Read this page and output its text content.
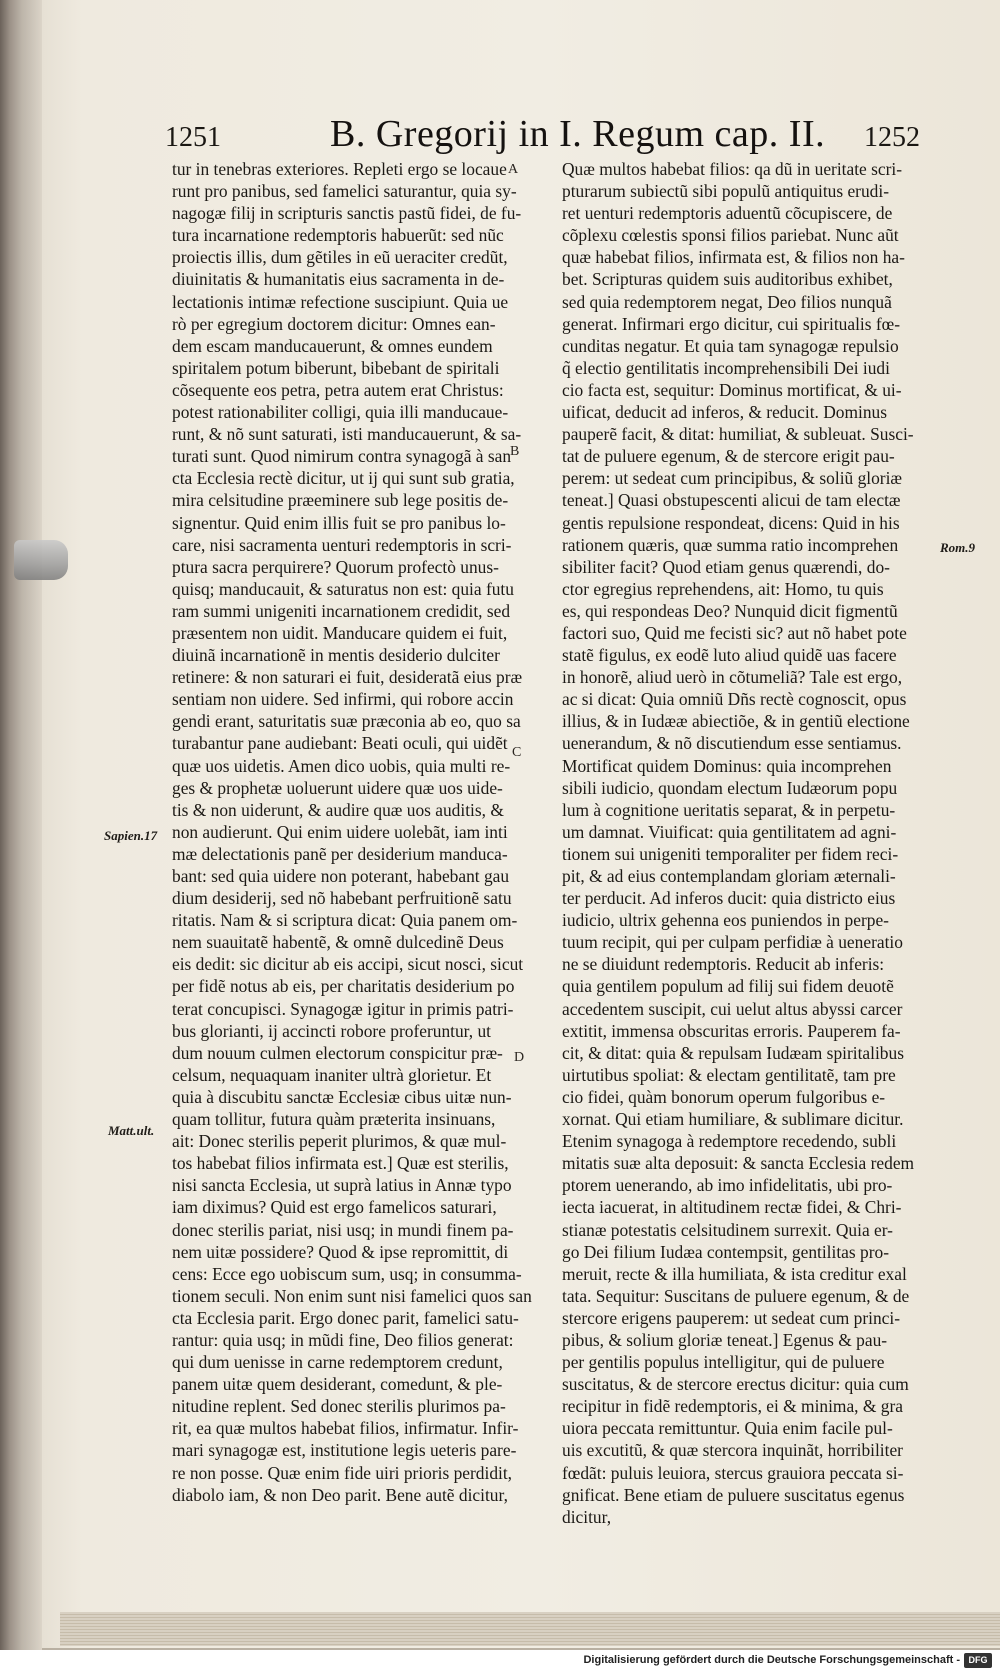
1251	B. Gregorij in I. Regum cap. II. 1252
A
B
C
D
Sapien.17
Matt.ult.
Rom.9
tur in tenebras exteriores. Repleti ergo se locaue
runt pro panibus, sed famelici saturantur, quia sy-
nagogæ filij in scripturis sanctis pastũ fidei, de fu-
tura incarnatione redemptoris habuerũt: sed nũc
proiectis illis, dum gẽtiles in eũ ueraciter credũt,
diuinitatis & humanitatis eius sacramenta in de-
lectationis intimæ refectione suscipiunt. Quia ue
rò per egregium doctorem dicitur: Omnes ean-
dem escam manducauerunt, & omnes eundem
spiritalem potum biberunt, bibebant de spiritali
cõsequente eos petra, petra autem erat Christus:
potest rationabiliter colligi, quia illi manducaue-
runt, & nõ sunt saturati, isti manducauerunt, & sa-
turati sunt. Quod nimirum contra synagogã à san
cta Ecclesia rectè dicitur, ut ij qui sunt sub gratia,
mira celsitudine præeminere sub lege positis de-
signentur. Quid enim illis fuit se pro panibus lo-
care, nisi sacramenta uenturi redemptoris in scri-
ptura sacra perquirere? Quorum profectò unus-
quisq; manducauit, & saturatus non est: quia futu
ram summi unigeniti incarnationem credidit, sed
præsentem non uidit. Manducare quidem ei fuit,
diuinã incarnationẽ in mentis desiderio dulciter
retinere: & non saturari ei fuit, desideratã eius præ
sentiam non uidere. Sed infirmi, qui robore accin
gendi erant, saturitatis suæ præconia ab eo, quo sa
turabantur pane audiebant: Beati oculi, qui uidẽt
quæ uos uidetis. Amen dico uobis, quia multi re-
ges & prophetæ uoluerunt uidere quæ uos uide-
tis & non uiderunt, & audire quæ uos auditis, &
non audierunt. Qui enim uidere uolebãt, iam inti
mæ delectationis panẽ per desiderium manduca-
bant: sed quia uidere non poterant, habebant gau
dium desiderij, sed nõ habebant perfruitionẽ satu
ritatis. Nam & si scriptura dicat: Quia panem om-
nem suauitatẽ habentẽ, & omnẽ dulcedinẽ Deus
eis dedit: sic dicitur ab eis accipi, sicut nosci, sicut
per fidẽ notus ab eis, per charitatis desiderium po
terat concupisci. Synagogæ igitur in primis patri-
bus glorianti, ij accincti robore proferuntur, ut
dum nouum culmen electorum conspicitur præ-
celsum, nequaquam inaniter ultrà glorietur. Et
quia à discubitu sanctæ Ecclesiæ cibus uitæ nun-
quam tollitur, futura quàm præterita insinuans,
ait: Donec sterilis peperit plurimos, & quæ mul-
tos habebat filios infirmata est.] Quæ est sterilis,
nisi sancta Ecclesia, ut suprà latius in Annæ typo
iam diximus? Quid est ergo famelicos saturari,
donec sterilis pariat, nisi usq; in mundi finem pa-
nem uitæ possidere? Quod & ipse repromittit, di
cens: Ecce ego uobiscum sum, usq; in consumma-
tionem seculi. Non enim sunt nisi famelici quos san
cta Ecclesia parit. Ergo donec parit, famelici satu-
rantur: quia usq; in mũdi fine, Deo filios generat:
qui dum uenisse in carne redemptorem credunt,
panem uitæ quem desiderant, comedunt, & ple-
nitudine replent. Sed donec sterilis plurimos pa-
rit, ea quæ multos habebat filios, infirmatur. Infir-
mari synagogæ est, institutione legis ueteris pare-
re non posse. Quæ enim fide uiri prioris perdidit,
diabolo iam, & non Deo parit. Bene autẽ dicitur,
Quæ multos habebat filios: qa dũ in ueritate scri-
pturarum subiectũ sibi populũ antiquitus erudi-
ret uenturi redemptoris aduentũ cõcupiscere, de
cõplexu cœlestis sponsi filios pariebat. Nunc aũt
quæ habebat filios, infirmata est, & filios non ha-
bet. Scripturas quidem suis auditoribus exhibet,
sed quia redemptorem negat, Deo filios nunquã
generat. Infirmari ergo dicitur, cui spiritualis fœ-
cunditas negatur. Et quia tam synagogæ repulsio
q̃ electio gentilitatis incomprehensibili Dei iudi
cio facta est, sequitur: Dominus mortificat, & ui-
uificat, deducit ad inferos, & reducit. Dominus
pauperẽ facit, & ditat: humiliat, & subleuat. Susci-
tat de puluere egenum, & de stercore erigit pau-
perem: ut sedeat cum principibus, & soliũ gloriæ
teneat.] Quasi obstupescenti alicui de tam electæ
gentis repulsione respondeat, dicens: Quid in his
rationem quæris, quæ summa ratio incomprehen
sibiliter facit? Quod etiam genus quærendi, do-
ctor egregius reprehendens, ait: Homo, tu quis
es, qui respondeas Deo? Nunquid dicit figmentũ
factori suo, Quid me fecisti sic? aut nõ habet pote
statẽ figulus, ex eodẽ luto aliud quidẽ uas facere
in honorẽ, aliud uerò in cõtumeliã? Tale est ergo,
ac si dicat: Quia omniũ Dñs rectè cognoscit, opus
illius, & in Iudææ abiectiõe, & in gentiũ electione
uenerandum, & nõ discutiendum esse sentiamus.
Mortificat quidem Dominus: quia incomprehen
sibili iudicio, quondam electum Iudæorum popu
lum à cognitione ueritatis separat, & in perpetu-
um damnat. Viuificat: quia gentilitatem ad agni-
tionem sui unigeniti temporaliter per fidem reci-
pit, & ad eius contemplandam gloriam æternali-
ter perducit. Ad inferos ducit: quia districto eius
iudicio, ultrix gehenna eos puniendos in perpe-
tuum recipit, qui per culpam perfidiæ à ueneratio
ne se diuidunt redemptoris. Reducit ab inferis:
quia gentilem populum ad filij sui fidem deuotẽ
accedentem suscipit, cui uelut altus abyssi carcer
extitit, immensa obscuritas erroris. Pauperem fa-
cit, & ditat: quia & repulsam Iudæam spiritalibus
uirtutibus spoliat: & electam gentilitatẽ, tam pre
cio fidei, quàm bonorum operum fulgoribus e-
xornat. Qui etiam humiliare, & sublimare dicitur.
Etenim synagoga à redemptore recedendo, subli
mitatis suæ alta deposuit: & sancta Ecclesia redem
ptorem uenerando, ab imo infidelitatis, ubi pro-
iecta iacuerat, in altitudinem rectæ fidei, & Chri-
stianæ potestatis celsitudinem surrexit. Quia er-
go Dei filium Iudæa contempsit, gentilitas pro-
meruit, recte & illa humiliata, & ista creditur exal
tata. Sequitur: Suscitans de puluere egenum, & de
stercore erigens pauperem: ut sedeat cum princi-
pibus, & solium gloriæ teneat.] Egenus & pau-
per gentilis populus intelligitur, qui de puluere
suscitatus, & de stercore erectus dicitur: quia cum
recipitur in fidẽ redemptoris, ei & minima, & gra
uiora peccata remittuntur. Quia enim facile pul-
uis excutitũ, & quæ stercora inquinãt, horribiliter
fœdãt: puluis leuiora, stercus grauiora peccata si-
gnificat. Bene etiam de puluere suscitatus egenus
dicitur,
Digitalisierung gefördert durch die Deutsche Forschungsgemeinschaft - DFG
